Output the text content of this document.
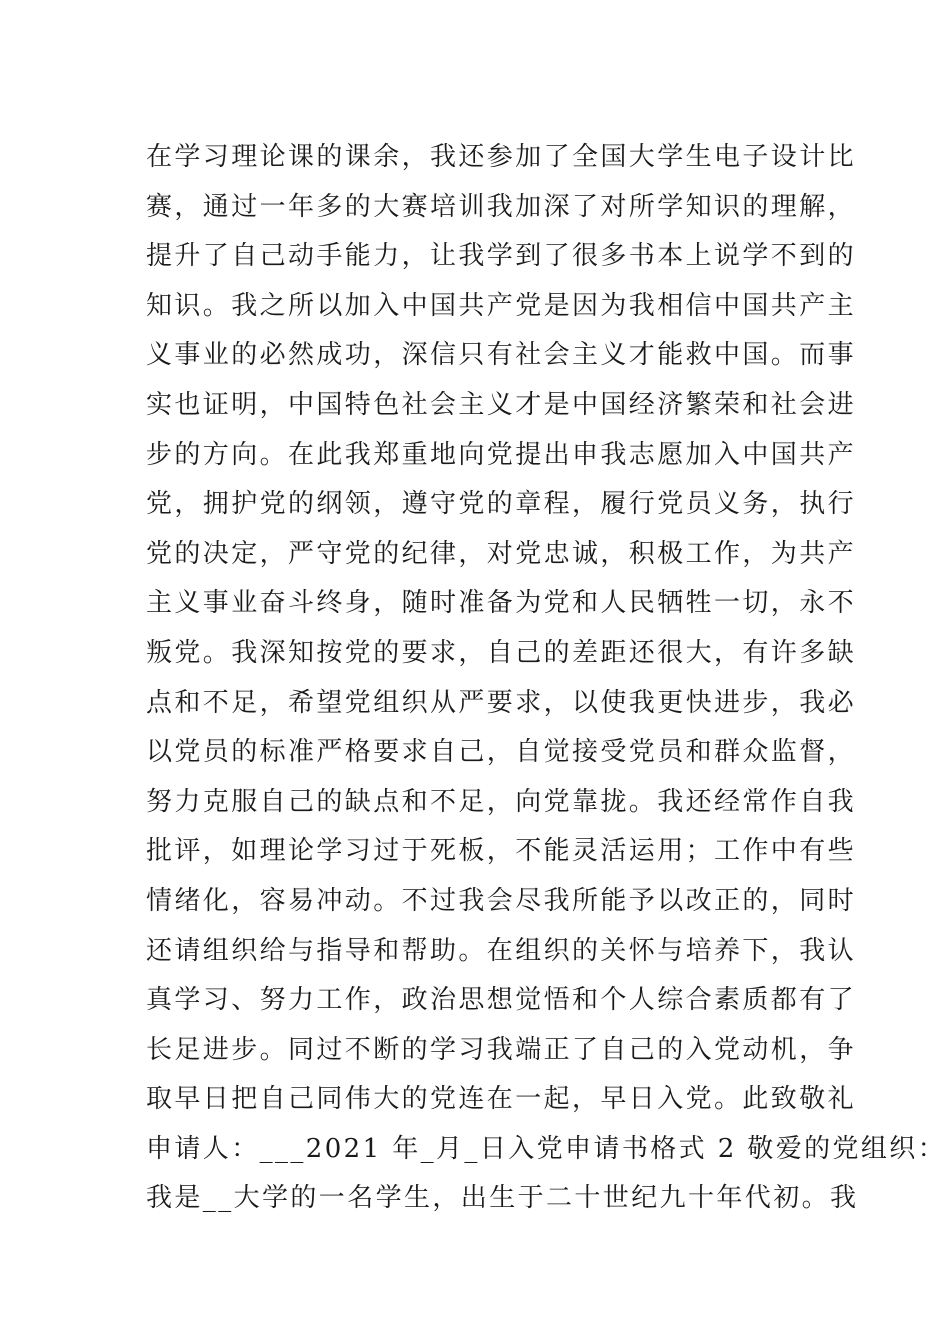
在学习理论课的课余，我还参加了全国大学生电子设计比
赛，通过一年多的大赛培训我加深了对所学知识的理解，
提升了自己动手能力，让我学到了很多书本上说学不到的
知识。我之所以加入中国共产党是因为我相信中国共产主
义事业的必然成功，深信只有社会主义才能救中国。而事
实也证明，中国特色社会主义才是中国经济繁荣和社会进
步的方向。在此我郑重地向党提出申我志愿加入中国共产
党，拥护党的纲领，遵守党的章程，履行党员义务，执行
党的决定，严守党的纪律，对党忠诚，积极工作，为共产
主义事业奋斗终身，随时准备为党和人民牺牲一切，永不
叛党。我深知按党的要求，自己的差距还很大，有许多缺
点和不足，希望党组织从严要求，以使我更快进步，我必
以党员的标准严格要求自己，自觉接受党员和群众监督，
努力克服自己的缺点和不足，向党靠拢。我还经常作自我
批评，如理论学习过于死板，不能灵活运用；工作中有些
情绪化，容易冲动。不过我会尽我所能予以改正的，同时
还请组织给与指导和帮助。在组织的关怀与培养下，我认
真学习、努力工作，政治思想觉悟和个人综合素质都有了
长足进步。同过不断的学习我端正了自己的入党动机，争
取早日把自己同伟大的党连在一起，早日入党。此致敬礼
申请人：___2021 年_月_日入党申请书格式 2 敬爱的党组织：
我是__大学的一名学生，出生于二十世纪九十年代初。我
